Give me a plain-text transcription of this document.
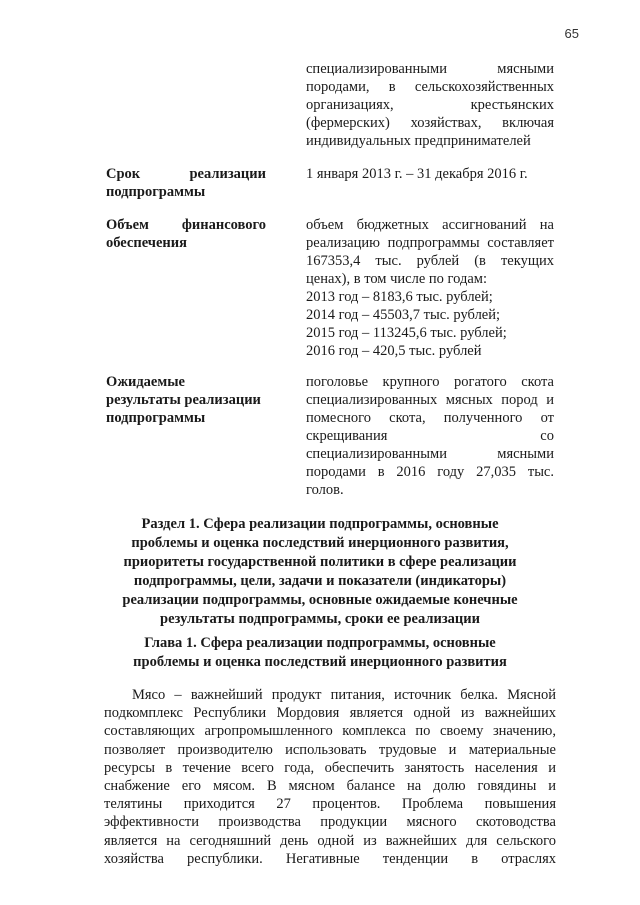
65
специализированными мясными
породами, в сельскохозяйственных
организациях, крестьянских
(фермерских) хозяйствах, включая
индивидуальных предпринимателей
Срок реализации
подпрограммы
1 января 2013 г. – 31 декабря 2016 г.
Объем финансового
обеспечения
объем бюджетных ассигнований на
реализацию подпрограммы составляет
167353,4 тыс. рублей (в текущих
ценах), в том числе по годам:
2013 год – 8183,6 тыс. рублей;
2014 год – 45503,7 тыс. рублей;
2015 год – 113245,6 тыс. рублей;
2016 год – 420,5 тыс. рублей
Ожидаемые
результаты реализации
подпрограммы
поголовье крупного рогатого скота
специализированных мясных пород и
помесного скота, полученного от
скрещивания со
специализированными мясными
породами в 2016 году 27,035 тыс.
голов.
Раздел 1. Сфера реализации подпрограммы, основные
проблемы и оценка последствий инерционного развития,
приоритеты государственной политики в сфере реализации
подпрограммы, цели, задачи и показатели (индикаторы)
реализации подпрограммы, основные ожидаемые конечные
результаты подпрограммы, сроки ее реализации
Глава 1. Сфера реализации подпрограммы, основные
проблемы и оценка последствий инерционного развития
Мясо – важнейший продукт питания, источник белка. Мясной
подкомплекс Республики Мордовия является одной из важнейших
составляющих агропромышленного комплекса по своему значению,
позволяет производителю использовать трудовые и материальные
ресурсы в течение всего года, обеспечить занятость населения и
снабжение его мясом. В мясном балансе на долю говядины и
телятины приходится 27 процентов. Проблема повышения
эффективности производства продукции мясного скотоводства
является на сегодняшний день одной из важнейших для сельского
хозяйства республики. Негативные тенденции в отраслях
